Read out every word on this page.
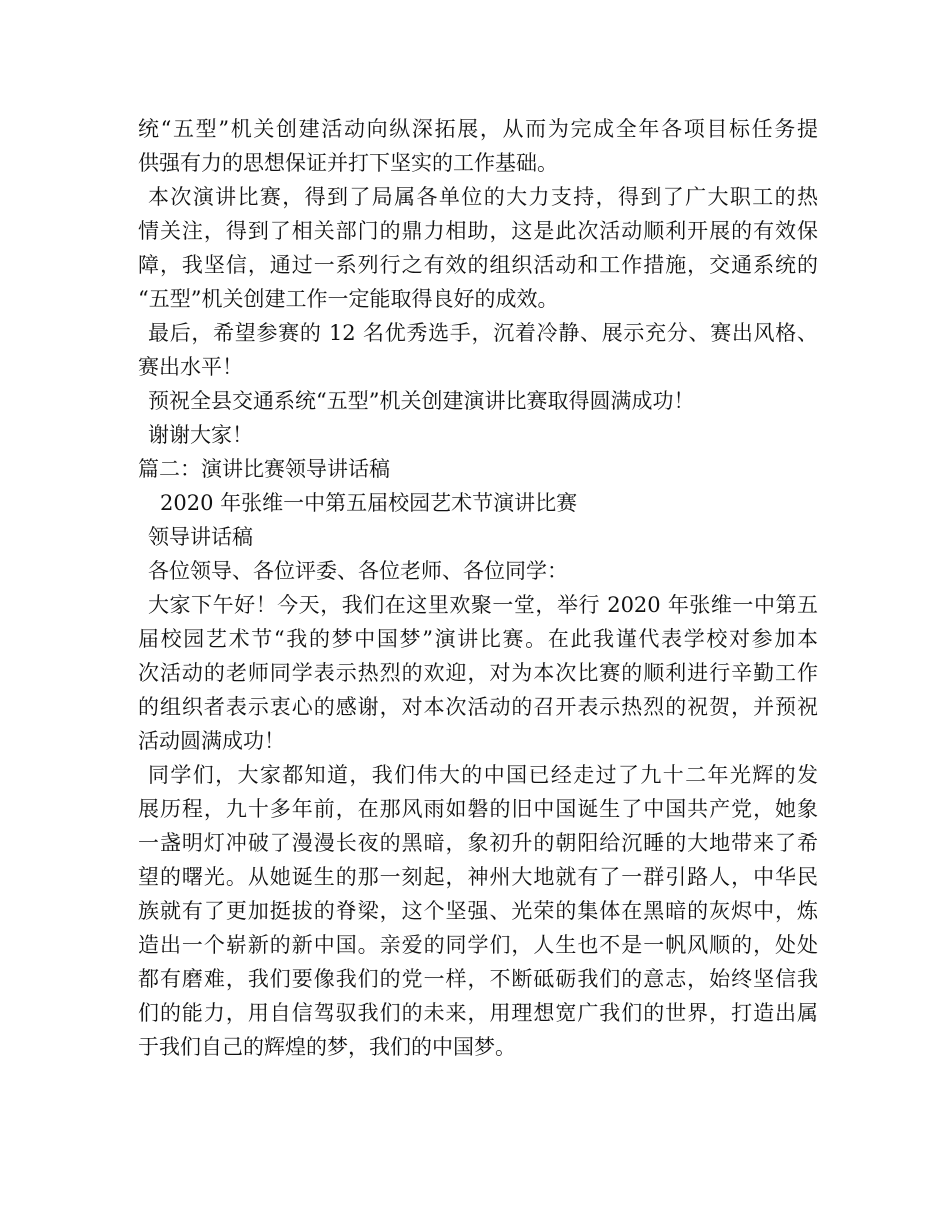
统“五型”机关创建活动向纵深拓展，从而为完成全年各项目标任务提
供强有力的思想保证并打下坚实的工作基础。
本次演讲比赛，得到了局属各单位的大力支持，得到了广大职工的热
情关注，得到了相关部门的鼎力相助，这是此次活动顺利开展的有效保
障，我坚信，通过一系列行之有效的组织活动和工作措施，交通系统的
“五型”机关创建工作一定能取得良好的成效。
最后，希望参赛的 12 名优秀选手，沉着冷静、展示充分、赛出风格、
赛出水平！
预祝全县交通系统“五型”机关创建演讲比赛取得圆满成功！
谢谢大家！
篇二：演讲比赛领导讲话稿
2020 年张维一中第五届校园艺术节演讲比赛
领导讲话稿
各位领导、各位评委、各位老师、各位同学：
大家下午好！今天，我们在这里欢聚一堂，举行 2020 年张维一中第五
届校园艺术节“我的梦中国梦”演讲比赛。在此我谨代表学校对参加本
次活动的老师同学表示热烈的欢迎，对为本次比赛的顺利进行辛勤工作
的组织者表示衷心的感谢，对本次活动的召开表示热烈的祝贺，并预祝
活动圆满成功！
同学们，大家都知道，我们伟大的中国已经走过了九十二年光辉的发
展历程，九十多年前，在那风雨如磐的旧中国诞生了中国共产党，她象
一盏明灯冲破了漫漫长夜的黑暗，象初升的朝阳给沉睡的大地带来了希
望的曙光。从她诞生的那一刻起，神州大地就有了一群引路人，中华民
族就有了更加挺拔的脊梁，这个坚强、光荣的集体在黑暗的灰烬中，炼
造出一个崭新的新中国。亲爱的同学们，人生也不是一帆风顺的，处处
都有磨难，我们要像我们的党一样，不断砥砺我们的意志，始终坚信我
们的能力，用自信驾驭我们的未来，用理想宽广我们的世界，打造出属
于我们自己的辉煌的梦，我们的中国梦。
